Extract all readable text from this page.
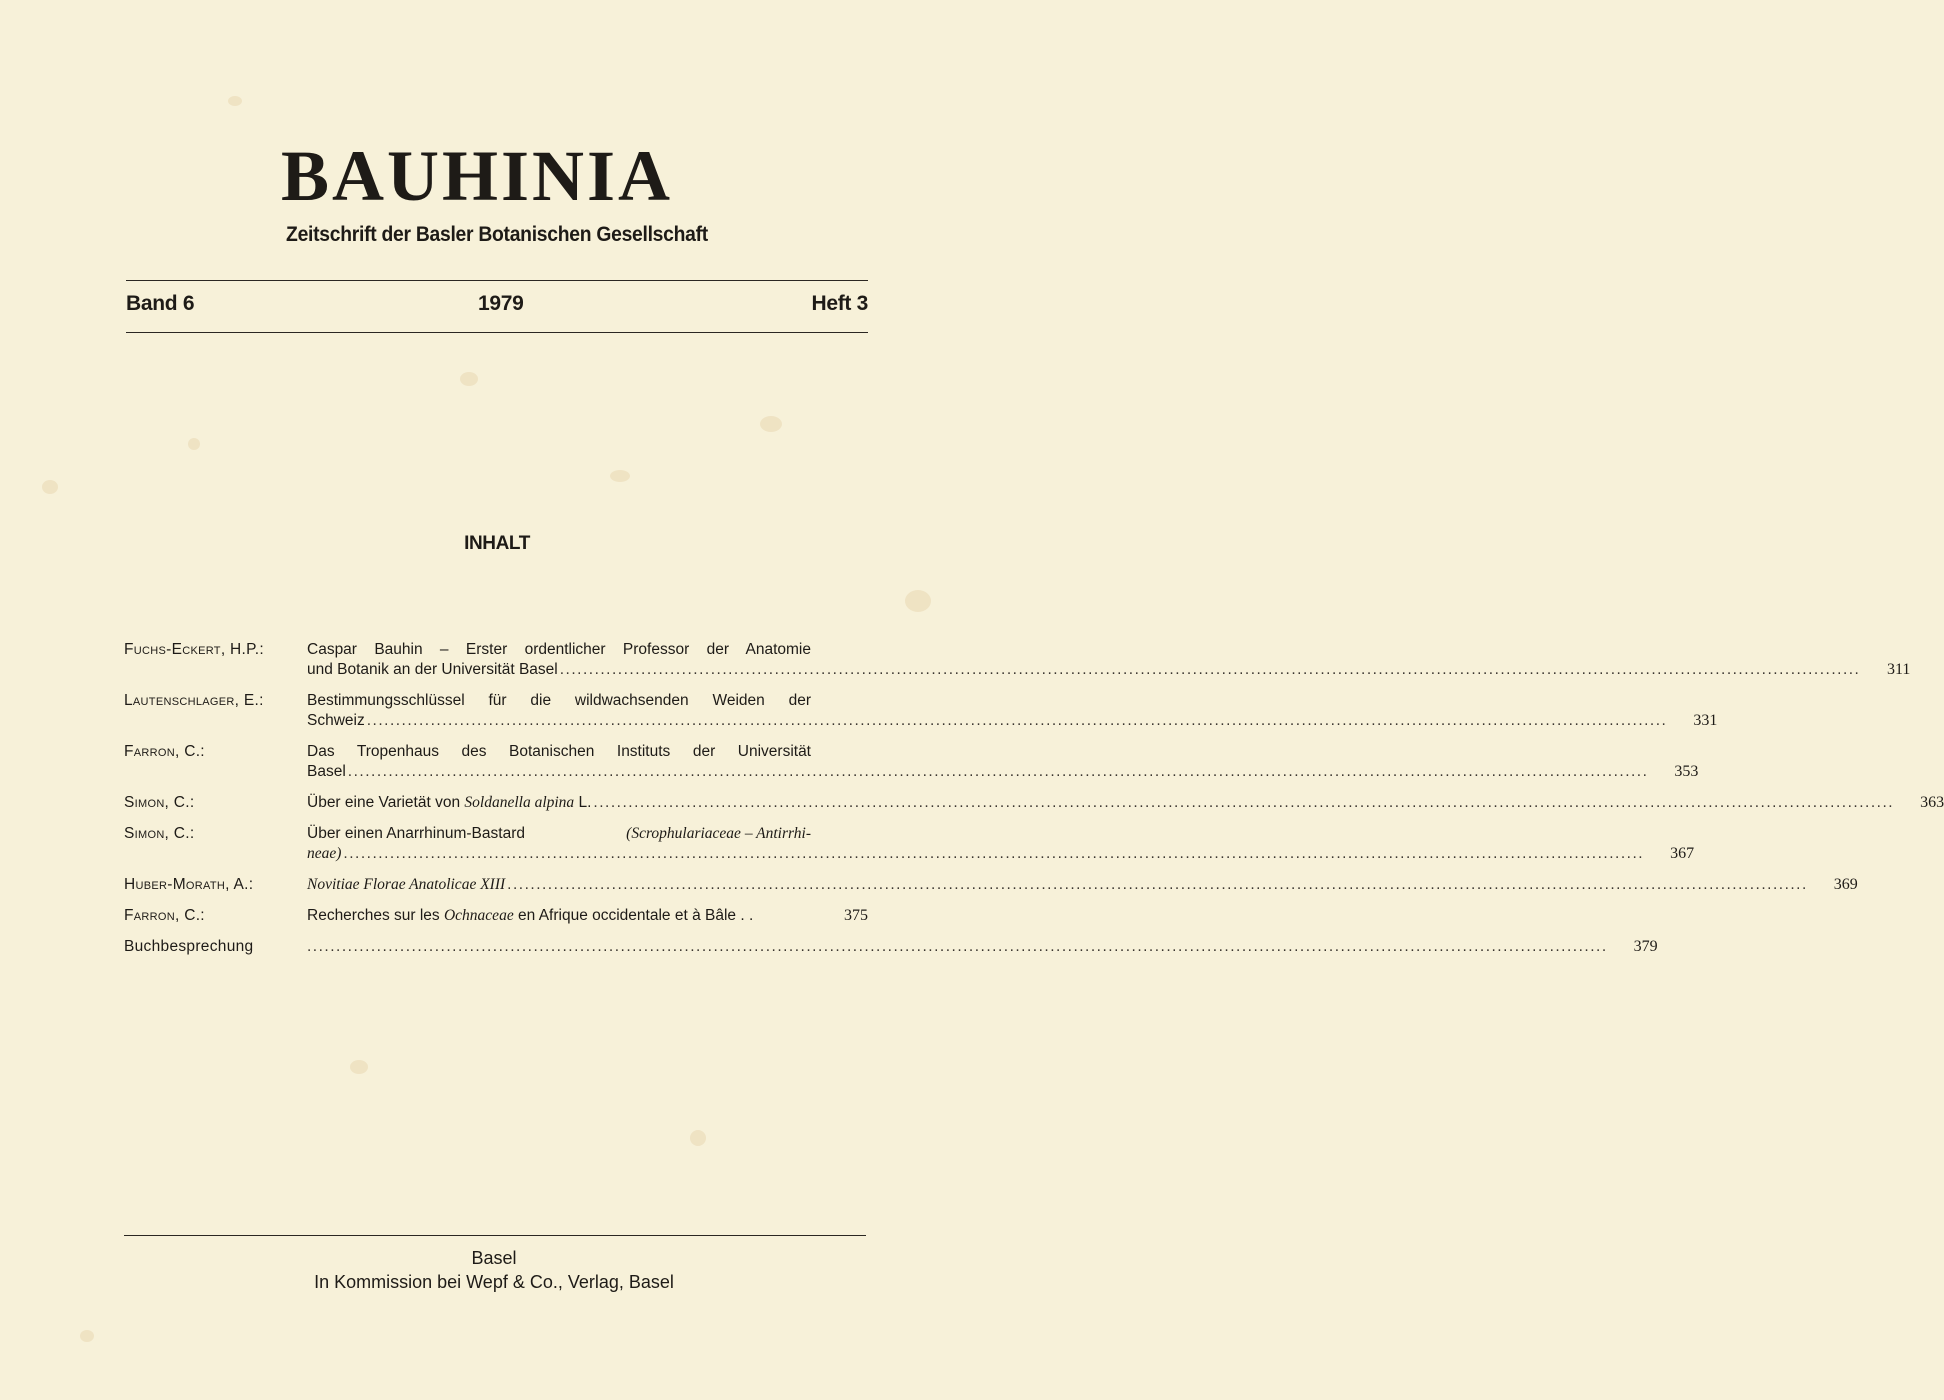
BAUHINIA
Zeitschrift der Basler Botanischen Gesellschaft
Band 6	1979	Heft 3
INHALT
Fuchs-Eckert, H.P.:	Caspar Bauhin – Erster ordentlicher Professor der Anatomie
und Botanik an der Universität Basel .....	311
Lautenschlager, E.:	Bestimmungsschlüssel für die wildwachsenden Weiden der
Schweiz .....	331
Farron, C.:	Das Tropenhaus des Botanischen Instituts der Universität
Basel .....	353
Simon, C.:	Über eine Varietät von Soldanella alpina L. .....	363
Simon, C.:	Über einen Anarrhinum-Bastard	(Scrophulariaceae – Antirrhi-
neae) .....	367
Huber-Morath, A.:	Novitiae Florae Anatolicae XIII .....	369
Farron, C.:	Recherches sur les Ochnaceae en Afrique occidentale et à Bâle . .	375
Buchbesprechung .....	379
Basel
In Kommission bei Wepf & Co., Verlag, Basel
